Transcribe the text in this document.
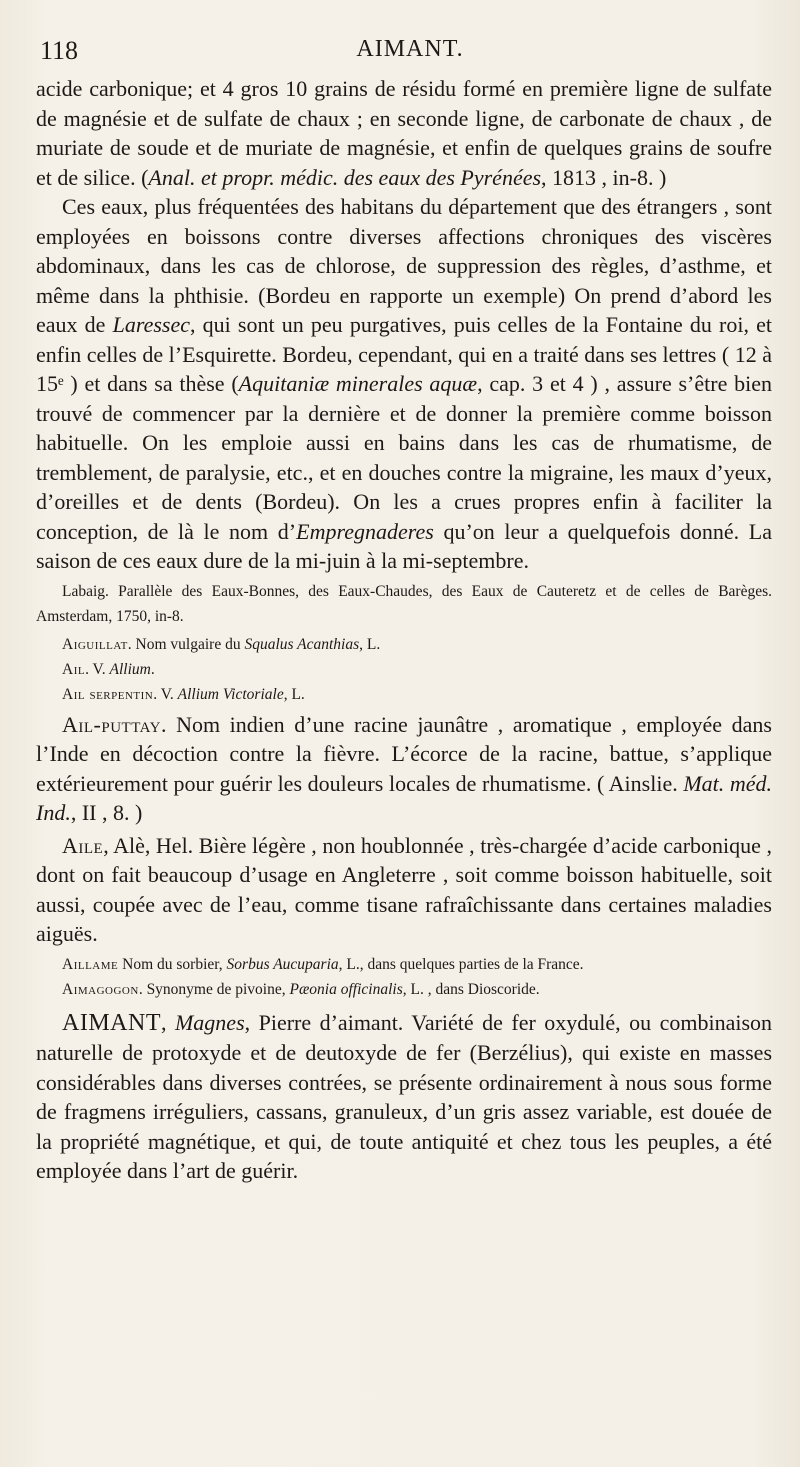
118	AIMANT.

acide carbonique; et 4 gros 10 grains de résidu formé en première ligne de sulfate de magnésie et de sulfate de chaux ; en seconde ligne, de carbonate de chaux , de muriate de soude et de muriate de magnésie, et enfin de quelques grains de soufre et de silice. (Anal. et propr. médic. des eaux des Pyrénées, 1813 , in-8. )

Ces eaux, plus fréquentées des habitans du département que des étrangers , sont employées en boissons contre diverses affections chroniques des viscères abdominaux, dans les cas de chlorose, de suppression des règles, d’asthme, et même dans la phthisie. (Bordeu en rapporte un exemple) On prend d’abord les eaux de Laressec, qui sont un peu purgatives, puis celles de la Fontaine du roi, et enfin celles de l’Esquirette. Bordeu, cependant, qui en a traité dans ses lettres ( 12 à 15ᵉ ) et dans sa thèse (Aquitaniæ minerales aquæ, cap. 3 et 4 ) , assure s’être bien trouvé de commencer par la dernière et de donner la première comme boisson habituelle. On les emploie aussi en bains dans les cas de rhumatisme, de tremblement, de paralysie, etc., et en douches contre la migraine, les maux d’yeux, d’oreilles et de dents (Bordeu). On les a crues propres enfin à faciliter la conception, de là le nom d’Empregnaderes qu’on leur a quelquefois donné. La saison de ces eaux dure de la mi-juin à la mi-septembre.

Labaig. Parallèle des Eaux-Bonnes, des Eaux-Chaudes, des Eaux de Cauteretz et de celles de Barèges. Amsterdam, 1750, in-8.

Aiguillat. Nom vulgaire du Squalus Acanthias, L.

Ail. V. Allium.

Ail serpentin. V. Allium Victoriale, L.

Ail-puttay. Nom indien d’une racine jaunâtre , aromatique , employée dans l’Inde en décoction contre la fièvre. L’écorce de la racine, battue, s’applique extérieurement pour guérir les douleurs locales de rhumatisme. ( Ainslie. Mat. méd. Ind., II , 8. )

Aile, Alè, Hel. Bière légère , non houblonnée , très-chargée d’acide carbonique , dont on fait beaucoup d’usage en Angleterre , soit comme boisson habituelle, soit aussi, coupée avec de l’eau, comme tisane rafraîchissante dans certaines maladies aiguës.

Aillame Nom du sorbier, Sorbus Aucuparia, L., dans quelques parties de la France.

Aimagogon. Synonyme de pivoine, Pæonia officinalis, L. , dans Dioscoride.

AIMANT, Magnes, Pierre d’aimant. Variété de fer oxydulé, ou combinaison naturelle de protoxyde et de deutoxyde de fer (Berzélius), qui existe en masses considérables dans diverses contrées, se présente ordinairement à nous sous forme de fragmens irréguliers, cassans, granuleux, d’un gris assez variable, est douée de la propriété magnétique, et qui, de toute antiquité et chez tous les peuples, a été employée dans l’art de guérir.
